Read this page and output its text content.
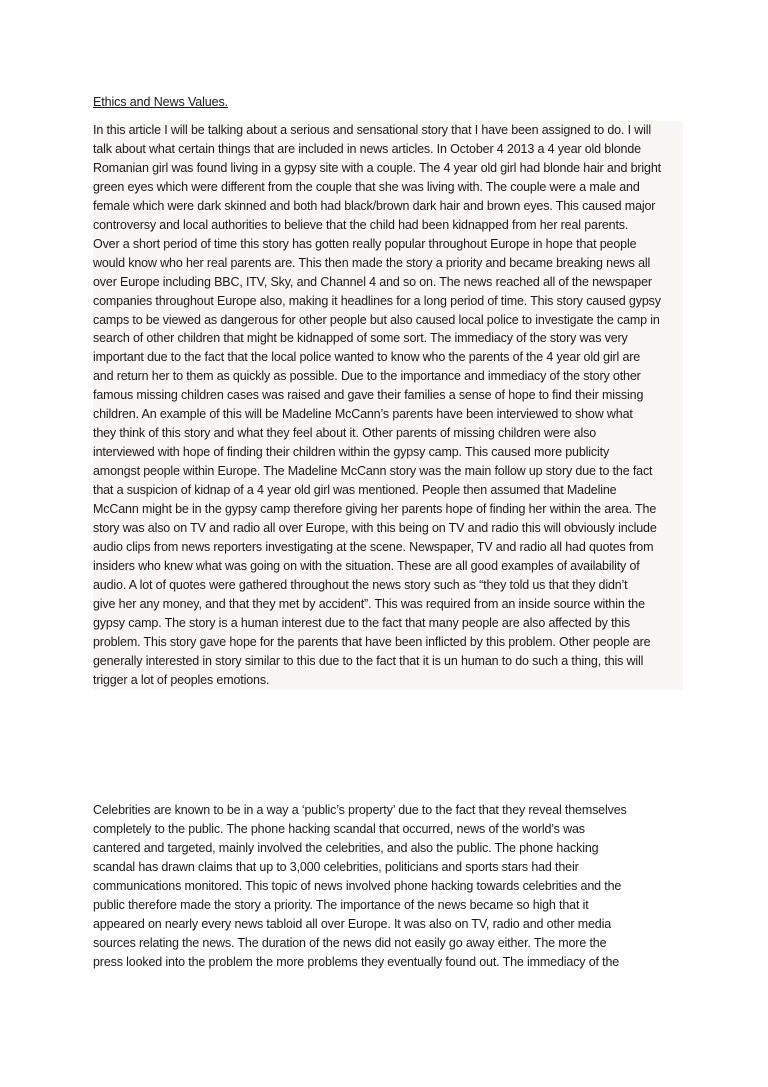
Ethics and News Values.
In this article I will be talking about a serious and sensational story that I have been assigned to do. I will
talk about what certain things that are included in news articles. In October 4 2013 a 4 year old blonde
Romanian girl was found living in a gypsy site with a couple. The 4 year old girl had blonde hair and bright
green eyes which were different from the couple that she was living with. The couple were a male and
female which were dark skinned and both had black/brown dark hair and brown eyes. This caused major
controversy and local authorities to believe that the child had been kidnapped from her real parents.
Over a short period of time this story has gotten really popular throughout Europe in hope that people
would know who her real parents are. This then made the story a priority and became breaking news all
over Europe including BBC, ITV, Sky, and Channel 4 and so on. The news reached all of the newspaper
companies throughout Europe also, making it headlines for a long period of time. This story caused gypsy
camps to be viewed as dangerous for other people but also caused local police to investigate the camp in
search of other children that might be kidnapped of some sort. The immediacy of the story was very
important due to the fact that the local police wanted to know who the parents of the 4 year old girl are
and return her to them as quickly as possible. Due to the importance and immediacy of the story other
famous missing children cases was raised and gave their families a sense of hope to find their missing
children. An example of this will be Madeline McCann’s parents have been interviewed to show what
they think of this story and what they feel about it. Other parents of missing children were also
interviewed with hope of finding their children within the gypsy camp. This caused more publicity
amongst people within Europe. The Madeline McCann story was the main follow up story due to the fact
that a suspicion of kidnap of a 4 year old girl was mentioned. People then assumed that Madeline
McCann might be in the gypsy camp therefore giving her parents hope of finding her within the area. The
story was also on TV and radio all over Europe, with this being on TV and radio this will obviously include
audio clips from news reporters investigating at the scene. Newspaper, TV and radio all had quotes from
insiders who knew what was going on with the situation. These are all good examples of availability of
audio. A lot of quotes were gathered throughout the news story such as “they told us that they didn’t
give her any money, and that they met by accident”. This was required from an inside source within the
gypsy camp. The story is a human interest due to the fact that many people are also affected by this
problem. This story gave hope for the parents that have been inflicted by this problem. Other people are
generally interested in story similar to this due to the fact that it is un human to do such a thing, this will
trigger a lot of peoples emotions.
Celebrities are known to be in a way a ‘public’s property’ due to the fact that they reveal themselves
completely to the public. The phone hacking scandal that occurred, news of the world’s was
cantered and targeted, mainly involved the celebrities, and also the public. The phone hacking
scandal has drawn claims that up to 3,000 celebrities, politicians and sports stars had their
communications monitored. This topic of news involved phone hacking towards celebrities and the
public therefore made the story a priority. The importance of the news became so high that it
appeared on nearly every news tabloid all over Europe. It was also on TV, radio and other media
sources relating the news. The duration of the news did not easily go away either. The more the
press looked into the problem the more problems they eventually found out. The immediacy of the
